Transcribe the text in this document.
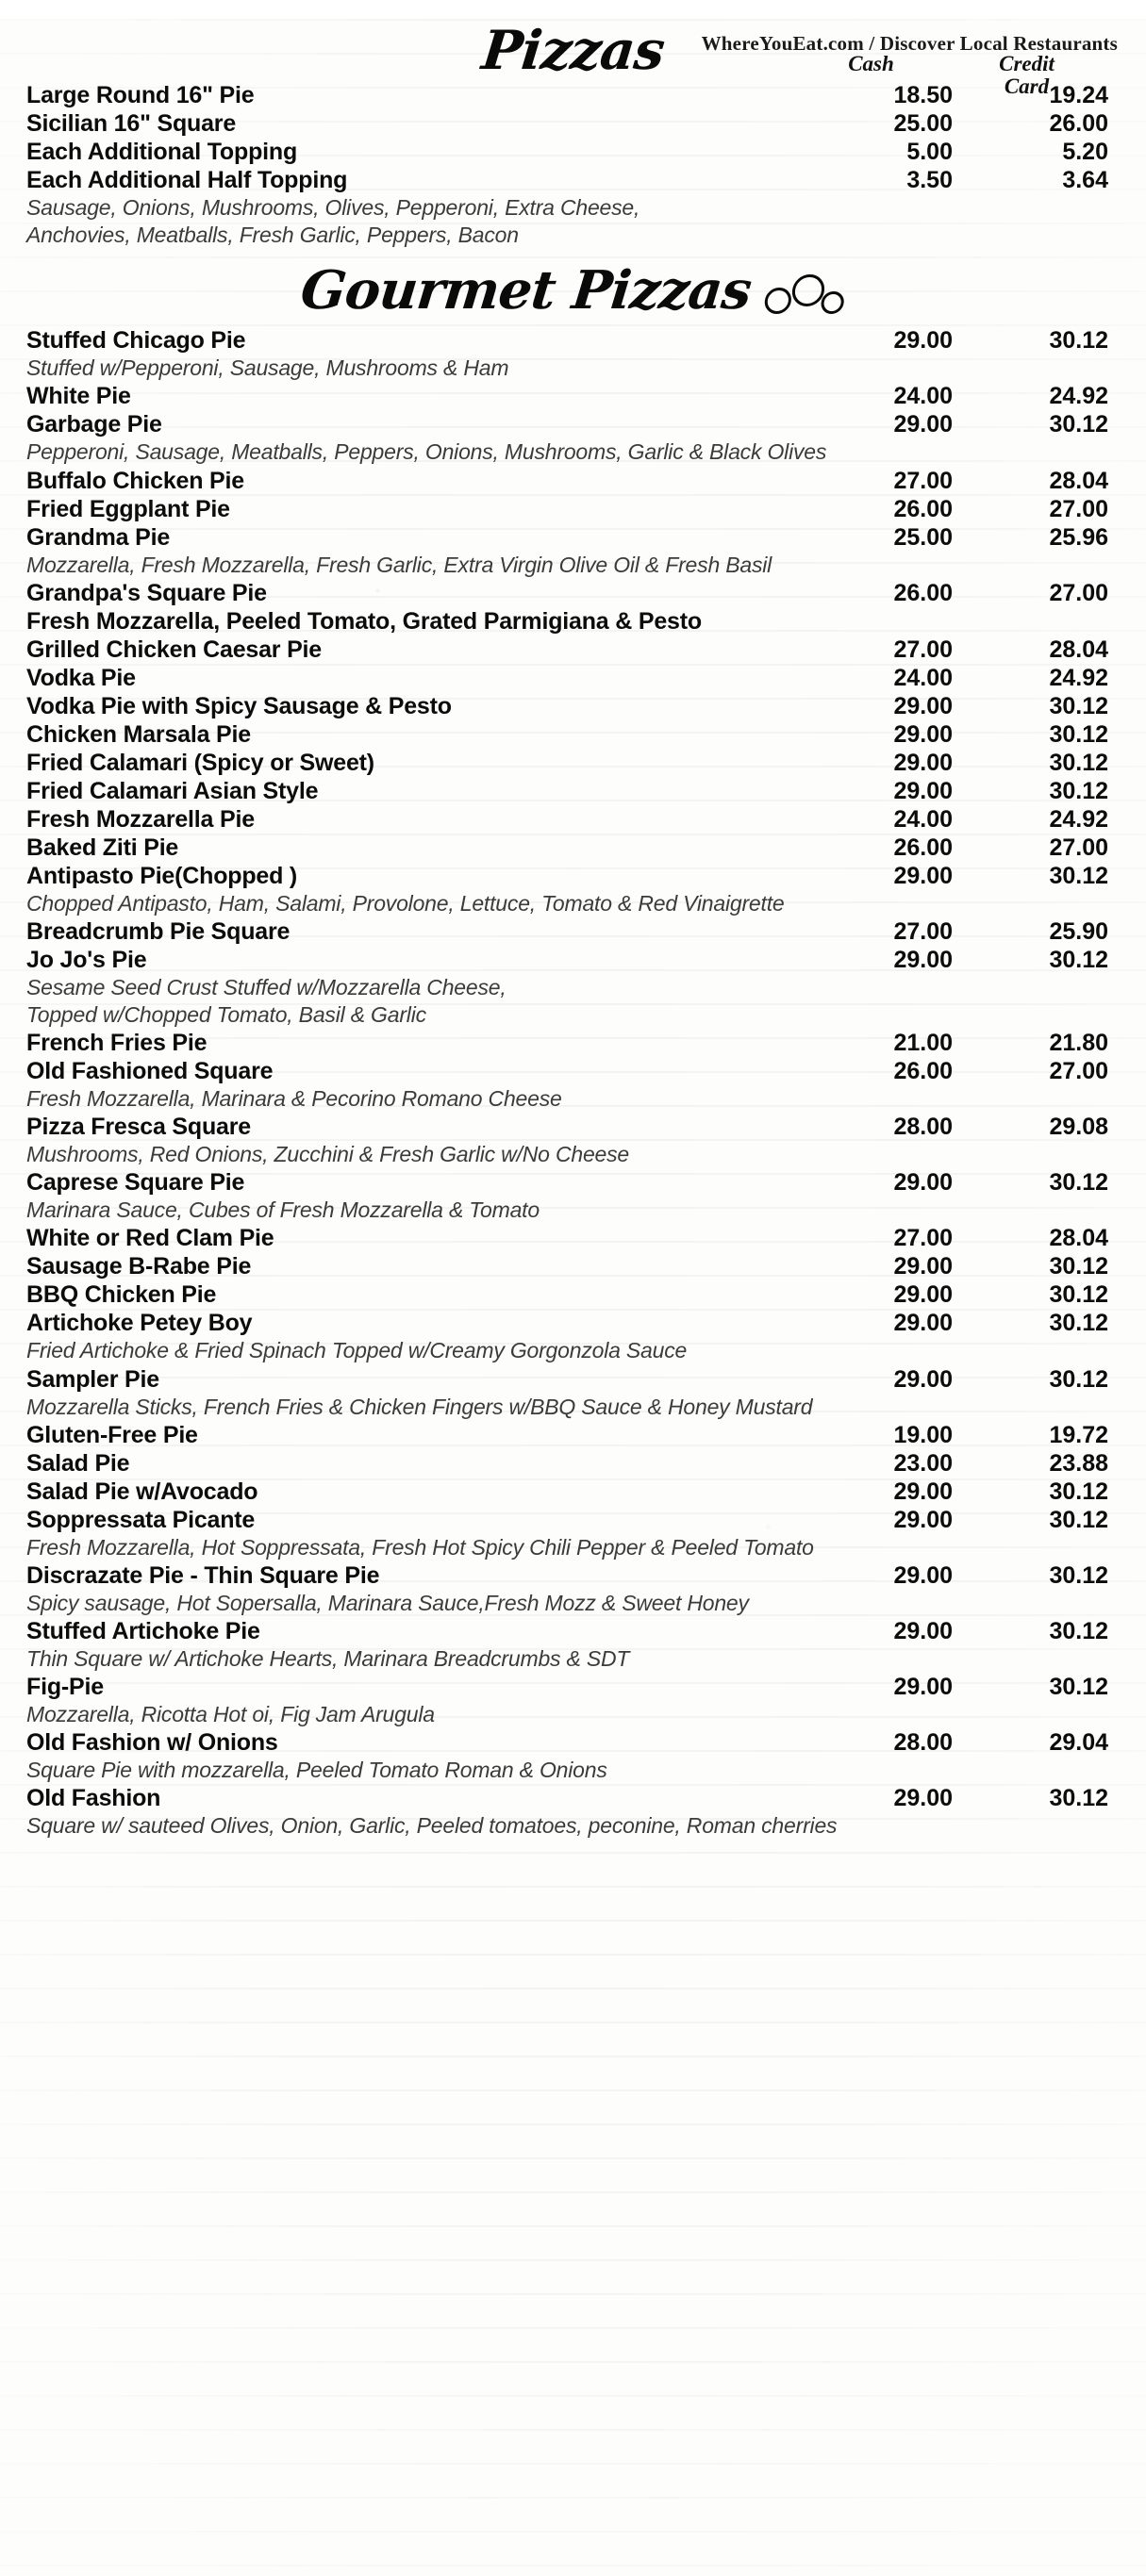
WhereYouEat.com / Discover Local Restaurants
Cash	Credit
Card
Pizzas
Large Round 16" Pie	18.50	19.24
Sicilian 16" Square	25.00	26.00
Each Additional Topping	5.00	5.20
Each Additional Half Topping	3.50	3.64
Sausage, Onions, Mushrooms, Olives, Pepperoni, Extra Cheese,
Anchovies, Meatballs, Fresh Garlic, Peppers, Bacon
Gourmet Pizzas
Stuffed Chicago Pie	29.00	30.12
Stuffed w/Pepperoni, Sausage, Mushrooms & Ham
White Pie	24.00	24.92
Garbage Pie	29.00	30.12
Pepperoni, Sausage, Meatballs, Peppers, Onions, Mushrooms, Garlic & Black Olives
Buffalo Chicken Pie	27.00	28.04
Fried Eggplant Pie	26.00	27.00
Grandma Pie	25.00	25.96
Mozzarella, Fresh Mozzarella, Fresh Garlic, Extra Virgin Olive Oil & Fresh Basil
Grandpa's Square Pie	26.00	27.00
Fresh Mozzarella, Peeled Tomato, Grated Parmigiana & Pesto
Grilled Chicken Caesar Pie	27.00	28.04
Vodka Pie	24.00	24.92
Vodka Pie with Spicy Sausage & Pesto	29.00	30.12
Chicken Marsala Pie	29.00	30.12
Fried Calamari (Spicy or Sweet)	29.00	30.12
Fried Calamari Asian Style	29.00	30.12
Fresh Mozzarella Pie	24.00	24.92
Baked Ziti Pie	26.00	27.00
Antipasto Pie(Chopped )	29.00	30.12
Chopped Antipasto, Ham, Salami, Provolone, Lettuce, Tomato & Red Vinaigrette
Breadcrumb Pie Square	27.00	25.90
Jo Jo's Pie	29.00	30.12
Sesame Seed Crust Stuffed w/Mozzarella Cheese,
Topped w/Chopped Tomato, Basil & Garlic
French Fries Pie	21.00	21.80
Old Fashioned Square	26.00	27.00
Fresh Mozzarella, Marinara & Pecorino Romano Cheese
Pizza Fresca Square	28.00	29.08
Mushrooms, Red Onions, Zucchini & Fresh Garlic w/No Cheese
Caprese Square Pie	29.00	30.12
Marinara Sauce, Cubes of Fresh Mozzarella & Tomato
White or Red Clam Pie	27.00	28.04
Sausage B-Rabe Pie	29.00	30.12
BBQ Chicken Pie	29.00	30.12
Artichoke Petey Boy	29.00	30.12
Fried Artichoke & Fried Spinach Topped w/Creamy Gorgonzola Sauce
Sampler Pie	29.00	30.12
Mozzarella Sticks, French Fries & Chicken Fingers w/BBQ Sauce & Honey Mustard
Gluten-Free Pie	19.00	19.72
Salad Pie	23.00	23.88
Salad Pie w/Avocado	29.00	30.12
Soppressata Picante	29.00	30.12
Fresh Mozzarella, Hot Soppressata, Fresh Hot Spicy Chili Pepper & Peeled Tomato
Discrazate Pie - Thin Square Pie	29.00	30.12
Spicy sausage, Hot Sopersalla, Marinara Sauce,Fresh Mozz & Sweet Honey
Stuffed Artichoke Pie	29.00	30.12
Thin Square w/ Artichoke Hearts, Marinara Breadcrumbs & SDT
Fig-Pie	29.00	30.12
Mozzarella, Ricotta Hot oi, Fig Jam Arugula
Old Fashion w/ Onions	28.00	29.04
Square Pie with mozzarella, Peeled Tomato Roman & Onions
Old Fashion	29.00	30.12
Square w/ sauteed Olives, Onion, Garlic, Peeled tomatoes, peconine, Roman cherries
